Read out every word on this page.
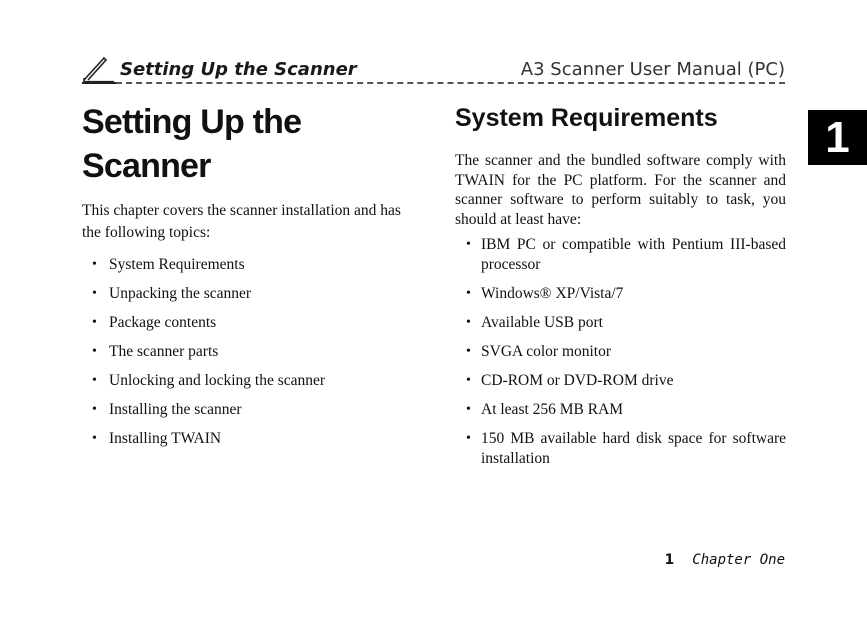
Setting Up the Scanner	A3 Scanner User Manual (PC)
Setting Up the Scanner

This chapter covers the scanner installation and has the following topics:

• System Requirements
• Unpacking the scanner
• Package contents
• The scanner parts
• Unlocking and locking the scanner
• Installing the scanner
• Installing TWAIN
System Requirements

The scanner and the bundled software comply with TWAIN for the PC platform. For the scanner and scanner software to perform suitably to task, you should at least have:

• IBM PC or compatible with Pentium III-based processor
• Windows® XP/Vista/7
• Available USB port
• SVGA color monitor
• CD-ROM or DVD-ROM drive
• At least 256 MB RAM
• 150 MB available hard disk space for software installation
1
1 Chapter One
